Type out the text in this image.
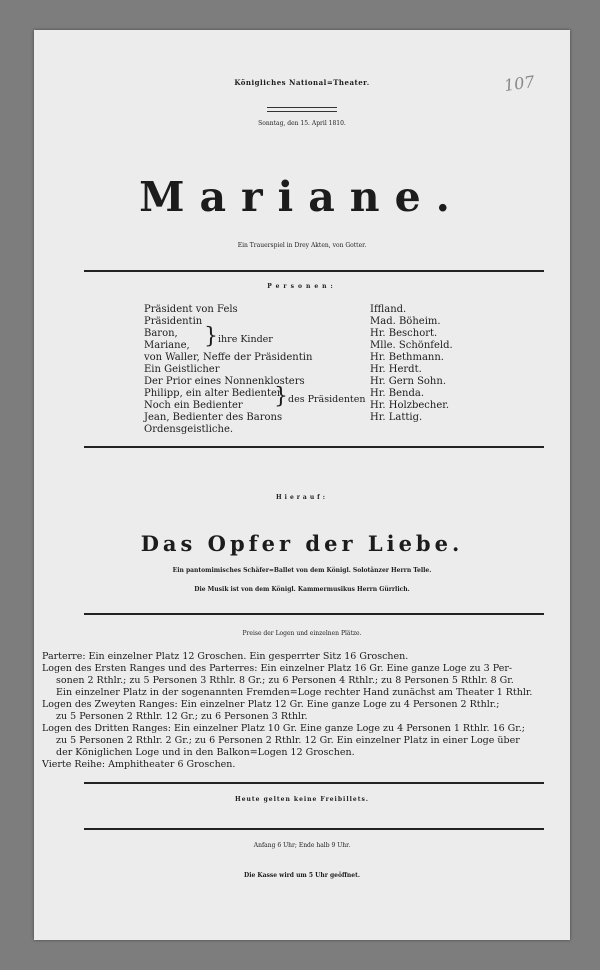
Königliches National=Theater.	107
Sonntag, den 15. April 1810.
Mariane.
Ein Trauerspiel in Drey Akten, von Gotter.
Personen:
Präsident von Fels	Iffland.
Präsidentin	Mad. Böheim.
Baron,	Hr. Beschort.
Mariane,	Mlle. Schönfeld.
} ihre Kinder
von Waller, Neffe der Präsidentin	Hr. Bethmann.
Ein Geistlicher	Hr. Herdt.
Der Prior eines Nonnenklosters	Hr. Gern Sohn.
Philipp, ein alter Bedienter	Hr. Benda.
Noch ein Bedienter	Hr. Holzbecher.
} des Präsidenten
Jean, Bedienter des Barons	Hr. Lattig.
Ordensgeistliche.
Hierauf:
Das Opfer der Liebe.
Ein pantomimisches Schäfer=Ballet von dem Königl. Solotänzer Herrn Telle.
Die Musik ist von dem Königl. Kammermusikus Herrn Gürrlich.
Preise der Logen und einzelnen Plätze.
Parterre: Ein einzelner Platz 12 Groschen. Ein gesperrter Sitz 16 Groschen.
Logen des Ersten Ranges und des Parterres: Ein einzelner Platz 16 Gr. Eine ganze Loge zu 3 Per-
sonen 2 Rthlr.; zu 5 Personen 3 Rthlr. 8 Gr.; zu 6 Personen 4 Rthlr.; zu 8 Personen 5 Rthlr. 8 Gr.
Ein einzelner Platz in der sogenannten Fremden=Loge rechter Hand zunächst am Theater 1 Rthlr.
Logen des Zweyten Ranges: Ein einzelner Platz 12 Gr. Eine ganze Loge zu 4 Personen 2 Rthlr.;
zu 5 Personen 2 Rthlr. 12 Gr.; zu 6 Personen 3 Rthlr.
Logen des Dritten Ranges: Ein einzelner Platz 10 Gr. Eine ganze Loge zu 4 Personen 1 Rthlr. 16 Gr.;
zu 5 Personen 2 Rthlr. 2 Gr.; zu 6 Personen 2 Rthlr. 12 Gr. Ein einzelner Platz in einer Loge über
der Königlichen Loge und in den Balkon=Logen 12 Groschen.
Vierte Reihe: Amphitheater 6 Groschen.
Heute gelten keine Freibillets.
Anfang 6 Uhr; Ende halb 9 Uhr.
Die Kasse wird um 5 Uhr geöffnet.
